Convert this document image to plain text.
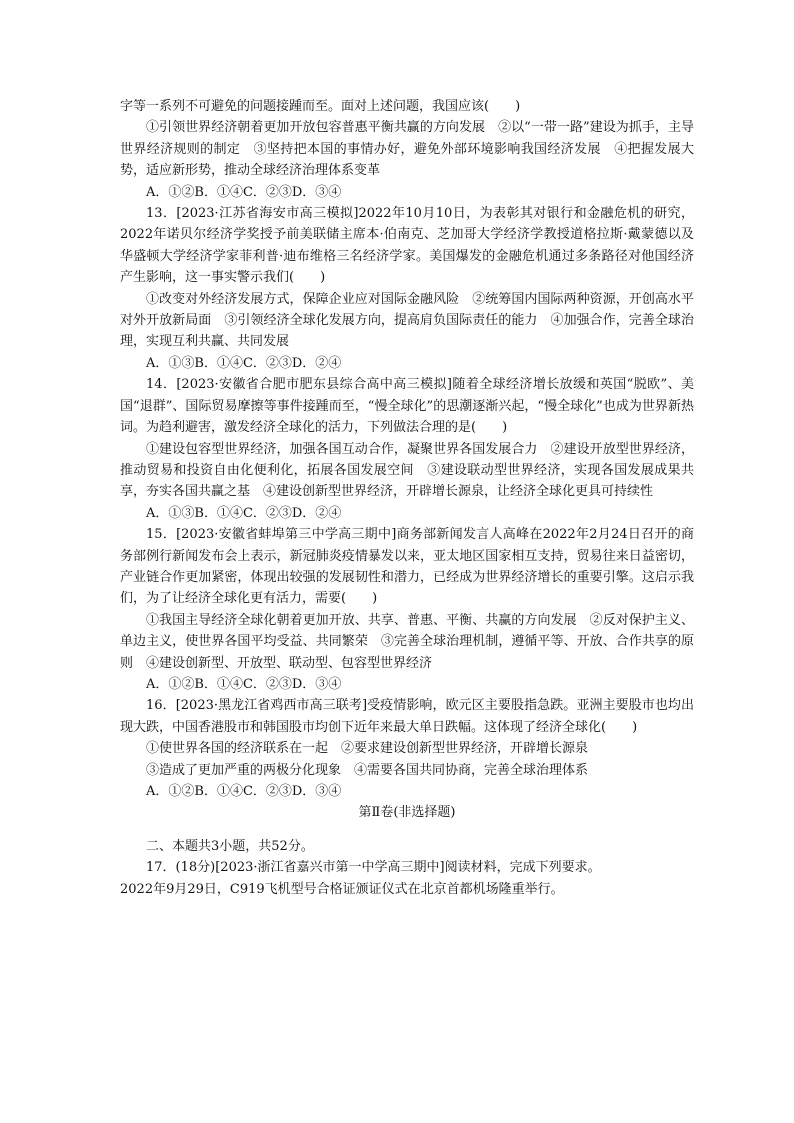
字等一系列不可避免的问题接踵而至。面对上述问题，我国应该(　　)

①引领世界经济朝着更加开放包容普惠平衡共赢的方向发展　②以“一带一路”建设为抓手，主导世界经济规则的制定　③坚持把本国的事情办好，避免外部环境影响我国经济发展　④把握发展大势，适应新形势，推动全球经济治理体系变革

A．①②B．①④C．②③D．③④

13．[2023·江苏省海安市高三模拟]2022年10月10日，为表彰其对银行和金融危机的研究，2022年诺贝尔经济学奖授予前美联储主席本·伯南克、芝加哥大学经济学教授道格拉斯·戴蒙德以及华盛顿大学经济学家菲利普·迪布维格三名经济学家。美国爆发的金融危机通过多条路径对他国经济产生影响，这一事实警示我们(　　)

①改变对外经济发展方式，保障企业应对国际金融风险　②统筹国内国际两种资源，开创高水平对外开放新局面　③引领经济全球化发展方向，提高肩负国际责任的能力　④加强合作，完善全球治理，实现互利共赢、共同发展

A．①③B．①④C．②③D．②④

14．[2023·安徽省合肥市肥东县综合高中高三模拟]随着全球经济增长放缓和英国“脱欧”、美国“退群”、国际贸易摩擦等事件接踵而至，“慢全球化”的思潮逐渐兴起，“慢全球化”也成为世界新热词。为趋利避害，激发经济全球化的活力，下列做法合理的是(　　)

①建设包容型世界经济，加强各国互动合作，凝聚世界各国发展合力　②建设开放型世界经济，推动贸易和投资自由化便利化，拓展各国发展空间　③建设联动型世界经济，实现各国发展成果共享，夯实各国共赢之基　④建设创新型世界经济，开辟增长源泉，让经济全球化更具可持续性

A．①③B．①④C．②③D．②④

15．[2023·安徽省蚌埠第三中学高三期中]商务部新闻发言人高峰在2022年2月24日召开的商务部例行新闻发布会上表示，新冠肺炎疫情暴发以来，亚太地区国家相互支持，贸易往来日益密切，产业链合作更加紧密，体现出较强的发展韧性和潜力，已经成为世界经济增长的重要引擎。这启示我们，为了让经济全球化更有活力，需要(　　)

①我国主导经济全球化朝着更加开放、共享、普惠、平衡、共赢的方向发展　②反对保护主义、单边主义，使世界各国平均受益、共同繁荣　③完善全球治理机制，遵循平等、开放、合作共享的原则　④建设创新型、开放型、联动型、包容型世界经济

A．①②B．①④C．②③D．③④

16．[2023·黑龙江省鸡西市高三联考]受疫情影响，欧元区主要股指急跌。亚洲主要股市也均出现大跌，中国香港股市和韩国股市均创下近年来最大单日跌幅。这体现了经济全球化(　　)

①使世界各国的经济联系在一起　②要求建设创新型世界经济，开辟增长源泉

③造成了更加严重的两极分化现象　④需要各国共同协商，完善全球治理体系

A．①②B．①④C．②③D．③④

第Ⅱ卷(非选择题)

二、本题共3小题，共52分。

17．(18分)[2023·浙江省嘉兴市第一中学高三期中]阅读材料，完成下列要求。

2022年9月29日，C919飞机型号合格证颁证仪式在北京首都机场隆重举行。
